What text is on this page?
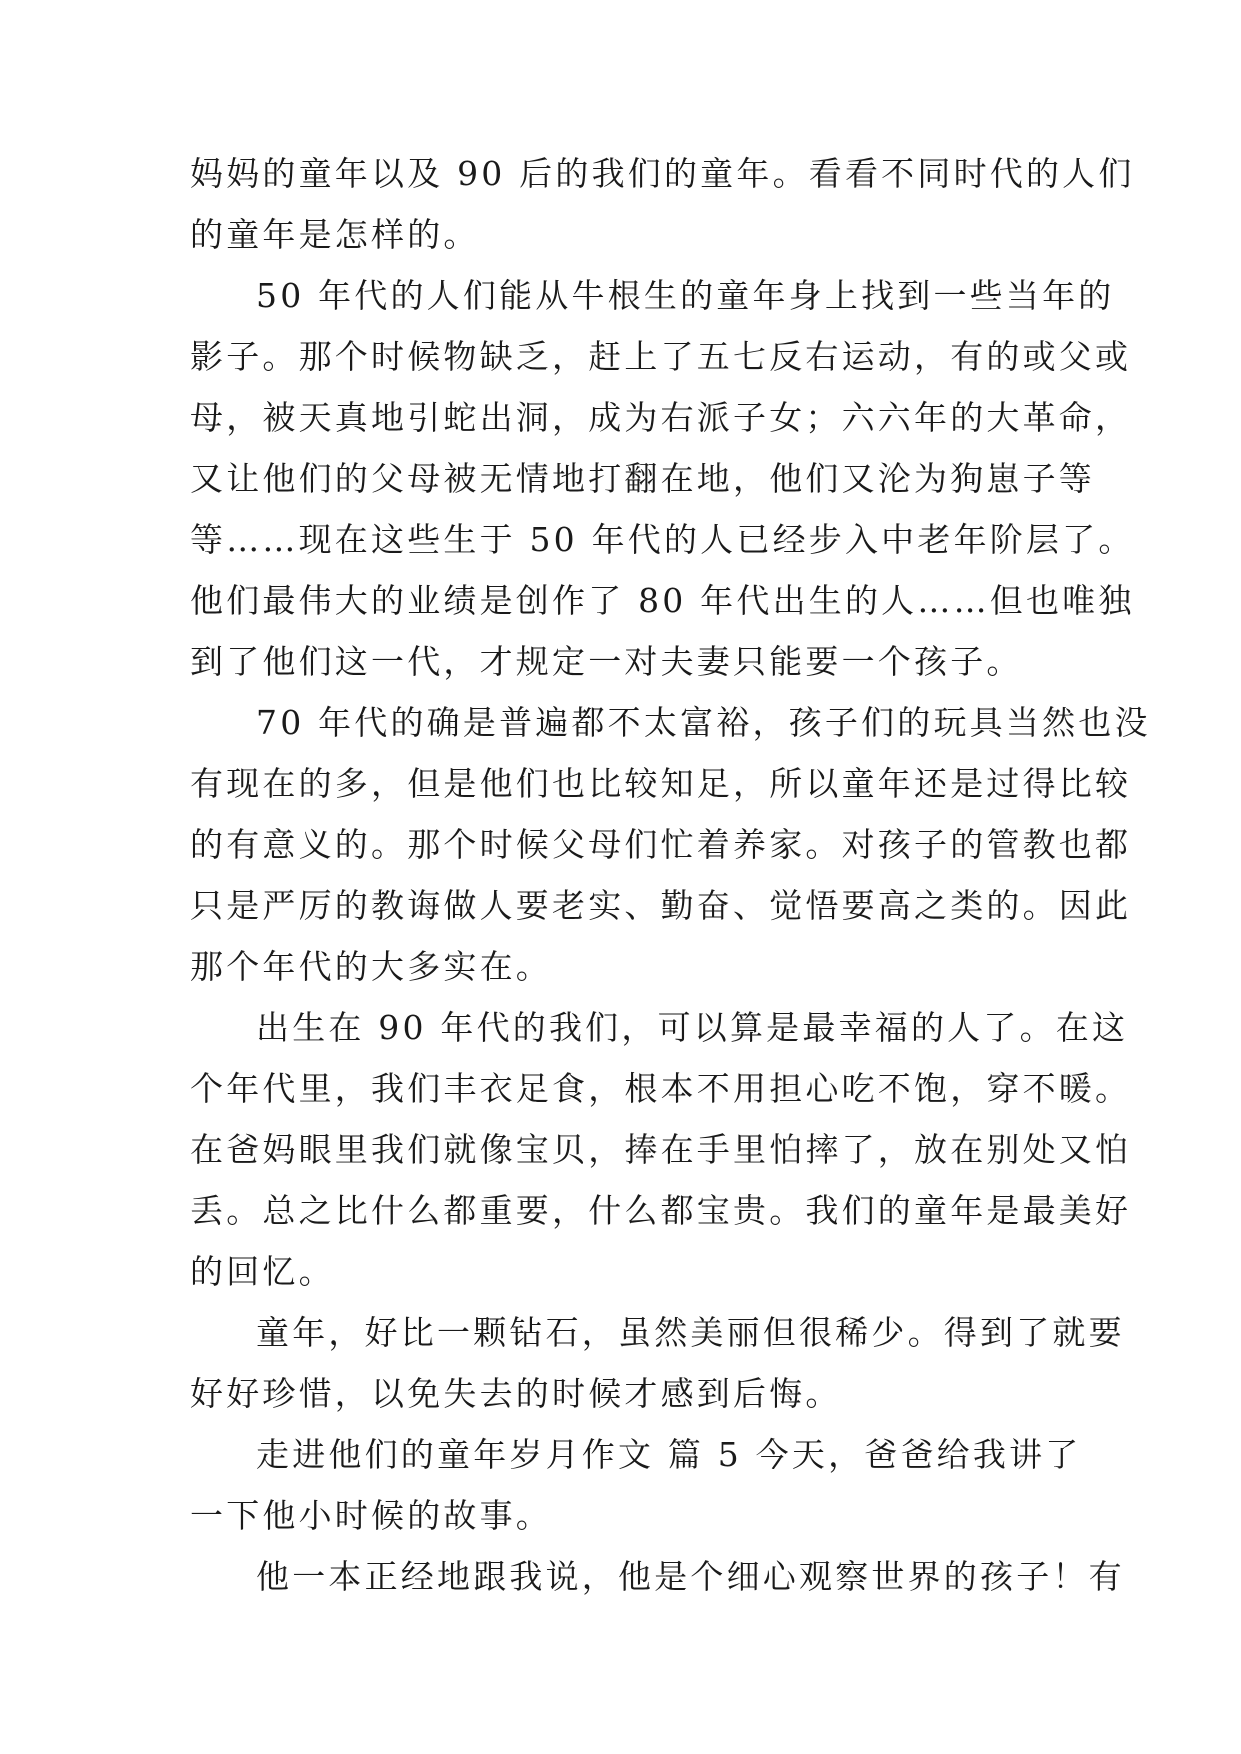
妈妈的童年以及 90 后的我们的童年。看看不同时代的人们

的童年是怎样的。

50 年代的人们能从牛根生的童年身上找到一些当年的

影子。那个时候物缺乏，赶上了五七反右运动，有的或父或

母，被天真地引蛇出洞，成为右派子女；六六年的大革命，

又让他们的父母被无情地打翻在地，他们又沦为狗崽子等

等……现在这些生于 50 年代的人已经步入中老年阶层了。

他们最伟大的业绩是创作了 80 年代出生的人……但也唯独

到了他们这一代，才规定一对夫妻只能要一个孩子。

70 年代的确是普遍都不太富裕，孩子们的玩具当然也没

有现在的多，但是他们也比较知足，所以童年还是过得比较

的有意义的。那个时候父母们忙着养家。对孩子的管教也都

只是严厉的教诲做人要老实、勤奋、觉悟要高之类的。因此

那个年代的大多实在。

出生在 90 年代的我们，可以算是最幸福的人了。在这

个年代里，我们丰衣足食，根本不用担心吃不饱，穿不暖。

在爸妈眼里我们就像宝贝，捧在手里怕摔了，放在别处又怕

丢。总之比什么都重要，什么都宝贵。我们的童年是最美好

的回忆。

童年，好比一颗钻石，虽然美丽但很稀少。得到了就要

好好珍惜，以免失去的时候才感到后悔。

走进他们的童年岁月作文 篇 5 今天，爸爸给我讲了

一下他小时候的故事。

他一本正经地跟我说，他是个细心观察世界的孩子！有
